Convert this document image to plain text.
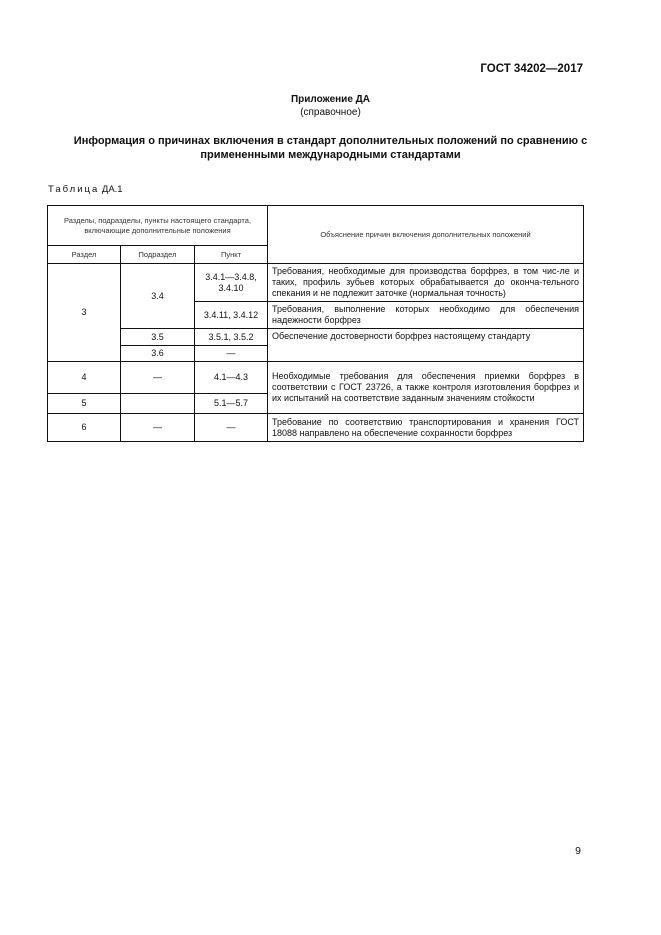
ГОСТ 34202—2017
Приложение ДА
(справочное)
Информация о причинах включения в стандарт дополнительных положений по сравнению с примененными международными стандартами
Таблица ДА.1
Разделы, подразделы, пункты настоящего стандарта, включающие дополнительные положения			Объяснение причин включения дополнительных положений
Раздел	Подраздел	Пункт	
3	3.4	3.4.1—3.4.8, 3.4.10	Требования, необходимые для производства борфрез, в том чис-ле и таких, профиль зубьев которых обрабатывается до оконча-тельного спекания и не подлежит заточке (нормальная точность)
		3.4.11, 3.4.12	Требования, выполнение которых необходимо для обеспечения надежности борфрез
	3.5	3.5.1, 3.5.2	Обеспечение достоверности борфрез настоящему стандарту
	3.6	—	
4	—	4.1—4.3	Необходимые требования для обеспечения приемки борфрез в соответствии с ГОСТ 23726, а также контроля изготовления борфрез и их испытаний на соответствие заданным значениям стойкости
5		5.1—5.7	
6	—	—	Требование по соответствию транспортирования и хранения ГОСТ 18088 направлено на обеспечение сохранности борфрез
9
